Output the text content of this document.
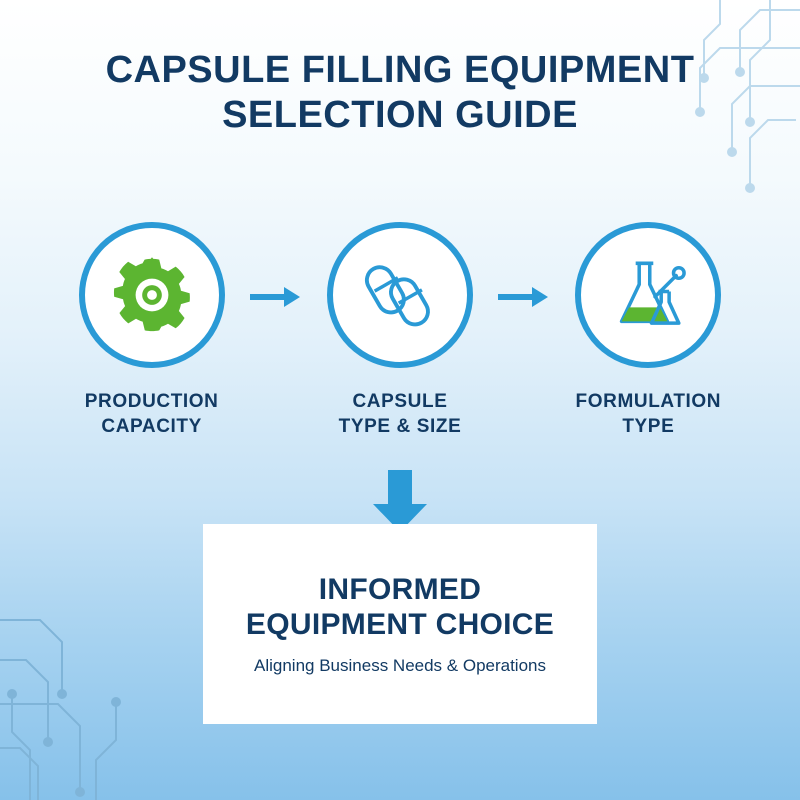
CAPSULE FILLING EQUIPMENT
SELECTION GUIDE
PRODUCTION
CAPACITY
CAPSULE
TYPE & SIZE
FORMULATION
TYPE
INFORMED
EQUIPMENT CHOICE
Aligning Business Needs & Operations
